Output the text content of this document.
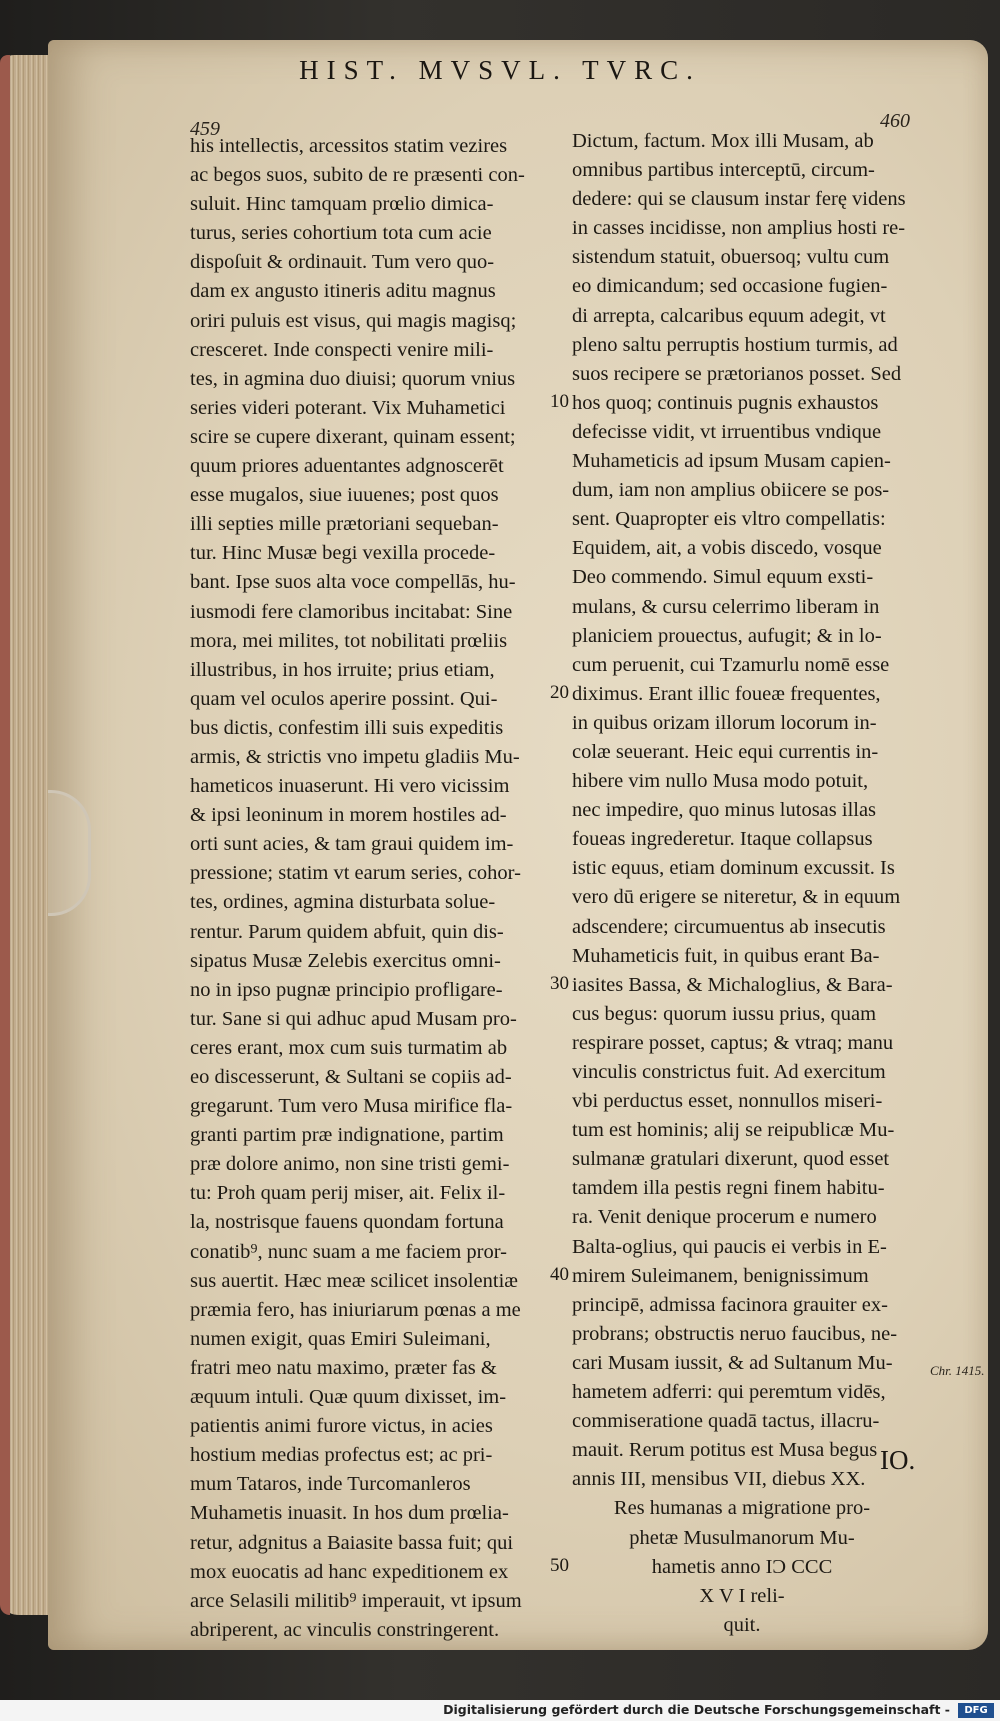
HIST. MVSVL. TVRC.
459	460
his intellectis, arcessitos statim vezires
ac begos suos, subito de re præsenti con-
suluit. Hinc tamquam prœlio dimica-
turus, series cohortium tota cum acie
dispoſuit & ordinauit. Tum vero quo-
dam ex angusto itineris aditu magnus
oriri puluis est visus, qui magis magisq;
cresceret. Inde conspecti venire mili-
tes, in agmina duo diuisi; quorum vnius
series videri poterant. Vix Muhametici
scire se cupere dixerant, quinam essent;
quum priores aduentantes adgnoscerēt
esse mugalos, siue iuuenes; post quos
illi septies mille prætoriani sequeban-
tur. Hinc Musæ begi vexilla procede-
bant. Ipse suos alta voce compellās, hu-
iusmodi fere clamoribus incitabat: Sine
mora, mei milites, tot nobilitati prœliis
illustribus, in hos irruite; prius etiam,
quam vel oculos aperire possint. Qui-
bus dictis, confestim illi suis expeditis
armis, & strictis vno impetu gladiis Mu-
hameticos inuaserunt. Hi vero vicissim
& ipsi leoninum in morem hostiles ad-
orti sunt acies, & tam graui quidem im-
pressione; statim vt earum series, cohor-
tes, ordines, agmina disturbata solue-
rentur. Parum quidem abfuit, quin dis-
sipatus Musæ Zelebis exercitus omni-
no in ipso pugnæ principio profligare-
tur. Sane si qui adhuc apud Musam pro-
ceres erant, mox cum suis turmatim ab
eo discesserunt, & Sultani se copiis ad-
gregarunt. Tum vero Musa mirifice fla-
granti partim præ indignatione, partim
præ dolore animo, non sine tristi gemi-
tu: Proh quam perij miser, ait. Felix il-
la, nostrisque fauens quondam fortuna
conatib⁹, nunc suam a me faciem pror-
sus auertit. Hæc meæ scilicet insolentiæ
præmia fero, has iniuriarum pœnas a me
numen exigit, quas Emiri Suleimani,
fratri meo natu maximo, præter fas &
æquum intuli. Quæ quum dixisset, im-
patientis animi furore victus, in acies
hostium medias profectus est; ac pri-
mum Tataros, inde Turcomanleros
Muhametis inuasit. In hos dum prœlia-
retur, adgnitus a Baiasite bassa fuit; qui
mox euocatis ad hanc expeditionem ex
arce Selasili militib⁹ imperauit, vt ipsum
abriperent, ac vinculis constringerent.
Dictum, factum. Mox illi Musam, ab
omnibus partibus interceptū, circum-
dedere: qui se clausum instar ferę videns
in casses incidisse, non amplius hosti re-
sistendum statuit, obuersoq; vultu cum
eo dimicandum; sed occasione fugien-
di arrepta, calcaribus equum adegit, vt
pleno saltu perruptis hostium turmis, ad
suos recipere se prætorianos posset. Sed
hos quoq; continuis pugnis exhaustos
defecisse vidit, vt irruentibus vndique
Muhameticis ad ipsum Musam capien-
dum, iam non amplius obiicere se pos-
sent. Quapropter eis vltro compellatis:
Equidem, ait, a vobis discedo, vosque
Deo commendo. Simul equum exsti-
mulans, & cursu celerrimo liberam in
planiciem prouectus, aufugit; & in lo-
cum peruenit, cui Tzamurlu nomē esse
diximus. Erant illic foueæ frequentes,
in quibus orizam illorum locorum in-
colæ seuerant. Heic equi currentis in-
hibere vim nullo Musa modo potuit,
nec impedire, quo minus lutosas illas
foueas ingrederetur. Itaque collapsus
istic equus, etiam dominum excussit. Is
vero dū erigere se niteretur, & in equum
adscendere; circumuentus ab insecutis
Muhameticis fuit, in quibus erant Ba-
iasites Bassa, & Michaloglius, & Bara-
cus begus: quorum iussu prius, quam
respirare posset, captus; & vtraq; manu
vinculis constrictus fuit. Ad exercitum
vbi perductus esset, nonnullos miseri-
tum est hominis; alij se reipublicæ Mu-
sulmanæ gratulari dixerunt, quod esset
tamdem illa pestis regni finem habitu-
ra. Venit denique procerum e numero
Balta-oglius, qui paucis ei verbis in E-
mirem Suleimanem, benignissimum
principē, admissa facinora grauiter ex-
probrans; obstructis neruo faucibus, ne-
cari Musam iussit, & ad Sultanum Mu-
hametem adferri: qui peremtum vidēs,
commiseratione quadā tactus, illacru-
mauit. Rerum potitus est Musa begus
annis III, mensibus VII, diebus XX.
Res humanas a migratione pro-
phetæ Musulmanorum Mu-
hametis anno ΙϽ CCC
X V I reli-
quit.
10
20
30
40
50
Chr. 1415.
IO.
Digitalisierung gefördert durch die Deutsche Forschungsgemeinschaft -	DFG
